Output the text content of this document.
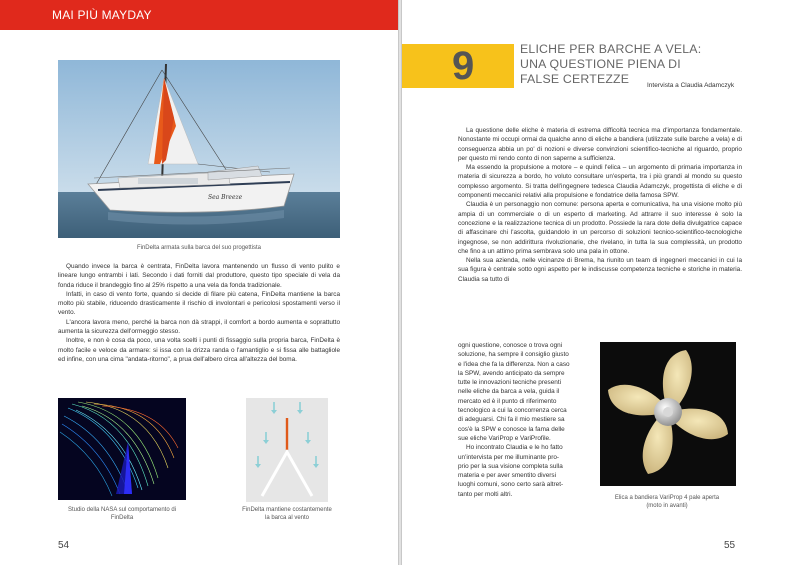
MAI PIÙ MAYDAY
Sea Breeze
FinDelta armata sulla barca del suo progettista

Quando invece la barca è centrata, FinDelta lavora mantenendo un flusso di vento pulito e lineare lungo entrambi i lati. Secondo i dati forniti dal produttore, questo tipo speciale di vela da fonda riduce il brandeggio fino al 25% rispetto a una vela da fonda tradizionale.

Infatti, in caso di vento forte, quando si decide di filare più catena, FinDelta mantiene la barca molto più stabile, riducendo drasticamente il rischio di involontari e pericolosi spostamenti verso il vento.

L'ancora lavora meno, perché la barca non dà strappi, il comfort a bordo aumenta e soprattutto aumenta la sicurezza dell'ormeggio stesso.

Inoltre, e non è cosa da poco, una volta scelti i punti di fissaggio sulla propria barca, FinDelta è molto facile e veloce da armare: si issa con la drizza randa o l'amantiglio e si fissa alle battagliole ed infine, con una cima "andata-ritorno", a prua dell'albero circa all'altezza del boma.

Studio della NASA sul comportamento di FinDelta
FinDelta mantiene costantemente la barca al vento
54
9	ELICHE PER BARCHE A VELA:
UNA QUESTIONE PIENA DI
FALSE CERTEZZE	Intervista a Claudia Adamczyk

La questione delle eliche è materia di estrema difficoltà tecnica ma d'importanza fondamentale. Nonostante mi occupi ormai da qualche anno di eliche a bandiera (utilizzate sulle barche a vela) e di conseguenza abbia un po' di nozioni e diverse convinzioni scientifico-tecniche al riguardo, proprio per questo mi rendo conto di non saperne a sufficienza.

Ma essendo la propulsione a motore – e quindi l'elica – un argomento di primaria importanza in materia di sicurezza a bordo, ho voluto consultare un'esperta, tra i più grandi al mondo su questo complesso argomento. Si tratta dell'ingegnere tedesca Claudia Adamczyk, progettista di eliche e di componenti meccanici relativi alla propulsione e fondatrice della famosa SPW.

Claudia è un personaggio non comune: persona aperta e comunicativa, ha una visione molto più ampia di un commerciale o di un esperto di marketing. Ad attrarre il suo interesse è solo la concezione e la realizzazione tecnica di un prodotto. Possiede la rara dote della divulgatrice capace di affascinare chi l'ascolta, guidandolo in un percorso di soluzioni tecnico-scientifico-tecnologiche ingegnose, se non addirittura rivoluzionarie, che rivelano, in tutta la sua complessità, un prodotto che fino a un attimo prima sembrava solo una pala in ottone.

Nella sua azienda, nelle vicinanze di Brema, ha riunito un team di ingegneri meccanici in cui la sua figura è centrale sotto ogni aspetto per le indiscusse competenza tecniche e storiche in materia. Claudia sa tutto di

ogni questione, conosce o trova ogni
soluzione, ha sempre il consiglio giusto
e l'idea che fa la differenza. Non a caso
la SPW, avendo anticipato da sempre
tutte le innovazioni tecniche presenti
nelle eliche da barca a vela, guida il
mercato ed è il punto di riferimento
tecnologico a cui la concorrenza cerca
di adeguarsi. Chi fa il mio mestiere sa
cos'è la SPW e conosce la fama delle
sue eliche VariProp e VariProfile.
Ho incontrato Claudia e le ho fatto
un'intervista per me illuminante pro-
prio per la sua visione completa sulla
materia e per aver smentito diversi
luoghi comuni, sono certo sarà altret-
tanto per molti altri.
Elica a bandiera VariProp 4 pale aperta
(moto in avanti)
55
